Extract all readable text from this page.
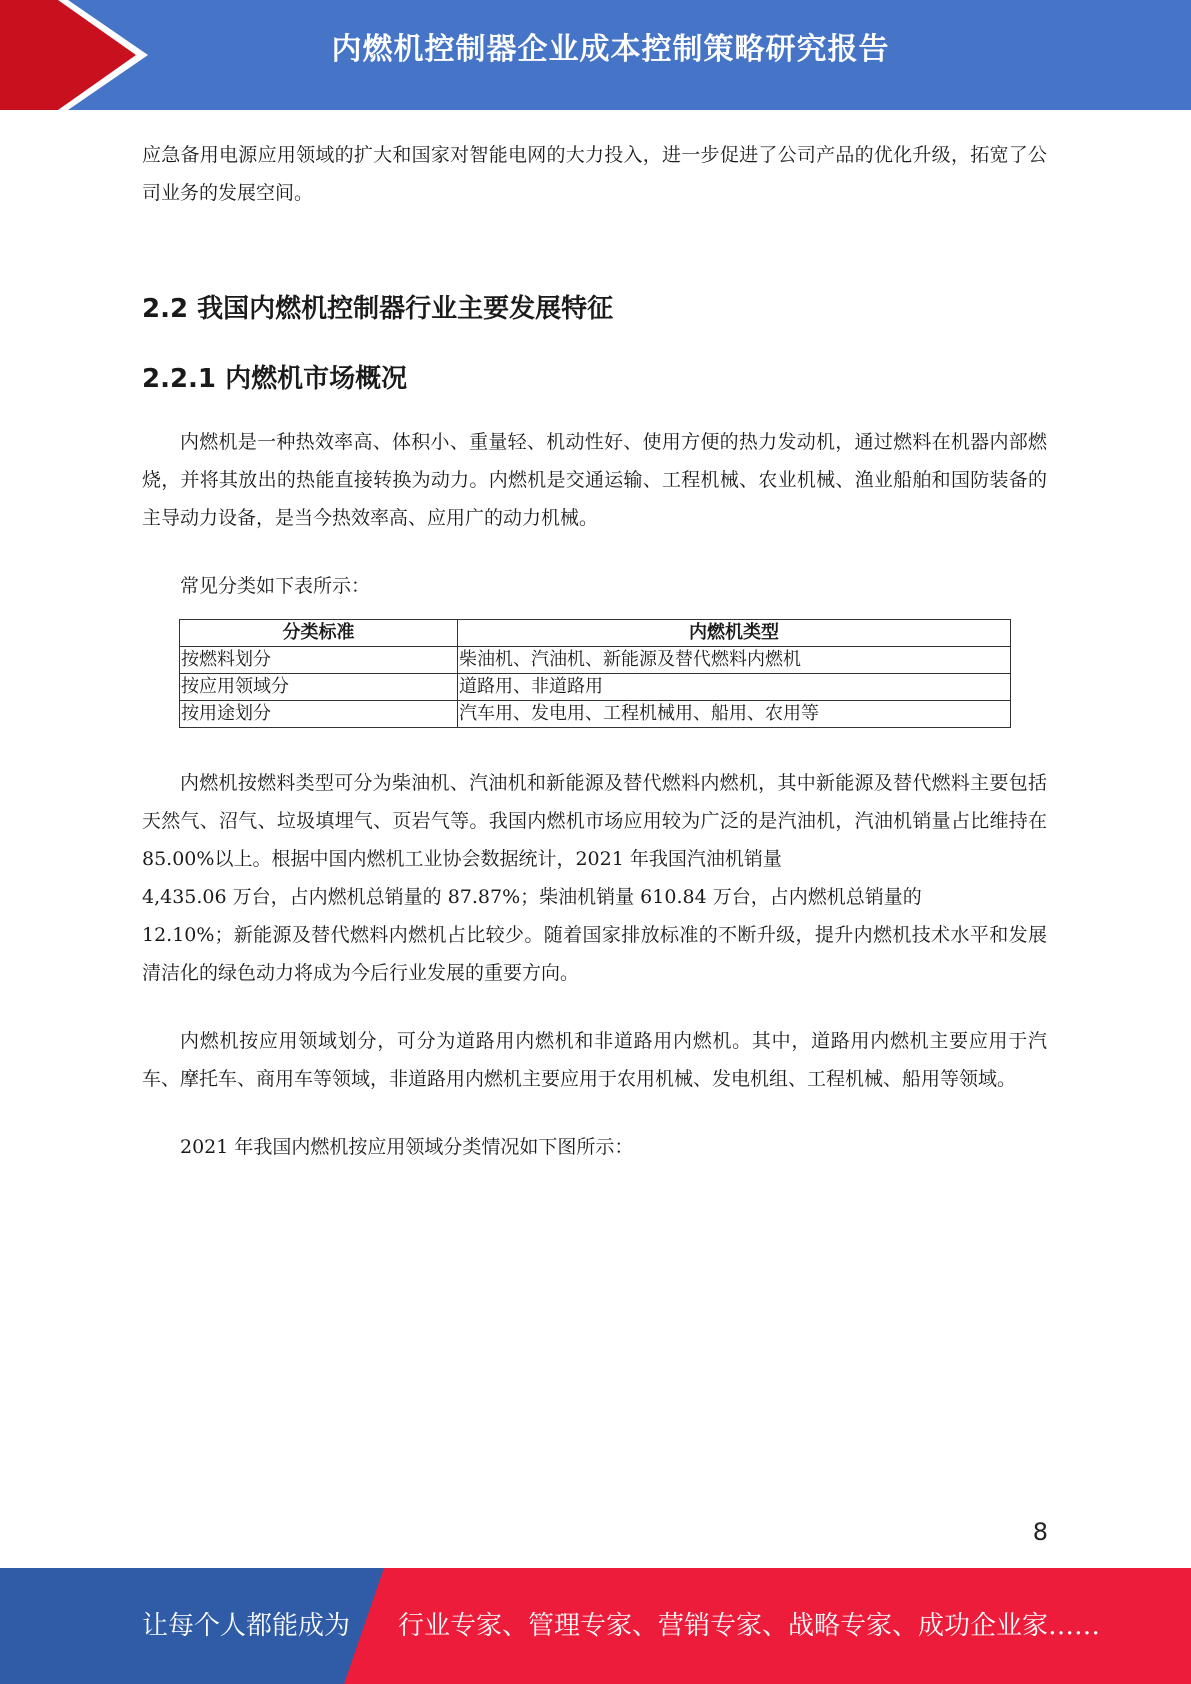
内燃机控制器企业成本控制策略研究报告

应急备用电源应用领域的扩大和国家对智能电网的大力投入，进一步促进了公司产品的优化升级，拓宽了公司业务的发展空间。

2.2 我国内燃机控制器行业主要发展特征
2.2.1 内燃机市场概况

内燃机是一种热效率高、体积小、重量轻、机动性好、使用方便的热力发动机，通过燃料在机器内部燃烧，并将其放出的热能直接转换为动力。内燃机是交通运输、工程机械、农业机械、渔业船舶和国防装备的主导动力设备，是当今热效率高、应用广的动力机械。

常见分类如下表所示：

分类标准	内燃机类型
按燃料划分	柴油机、汽油机、新能源及替代燃料内燃机
按应用领域分	道路用、非道路用
按用途划分	汽车用、发电用、工程机械用、船用、农用等

内燃机按燃料类型可分为柴油机、汽油机和新能源及替代燃料内燃机，其中新能源及替代燃料主要包括天然气、沼气、垃圾填埋气、页岩气等。我国内燃机市场应用较为广泛的是汽油机，汽油机销量占比维持在 85.00%以上。根据中国内燃机工业协会数据统计，2021 年我国汽油机销量

4,435.06 万台，占内燃机总销量的 87.87%；柴油机销量 610.84 万台，占内燃机总销量的

12.10%；新能源及替代燃料内燃机占比较少。随着国家排放标准的不断升级，提升内燃机技术水平和发展清洁化的绿色动力将成为今后行业发展的重要方向。

内燃机按应用领域划分，可分为道路用内燃机和非道路用内燃机。其中，道路用内燃机主要应用于汽车、摩托车、商用车等领域，非道路用内燃机主要应用于农用机械、发电机组、工程机械、船用等领域。

2021 年我国内燃机按应用领域分类情况如下图所示：

8
让每个人都能成为 行业专家、管理专家、营销专家、战略专家、成功企业家……
